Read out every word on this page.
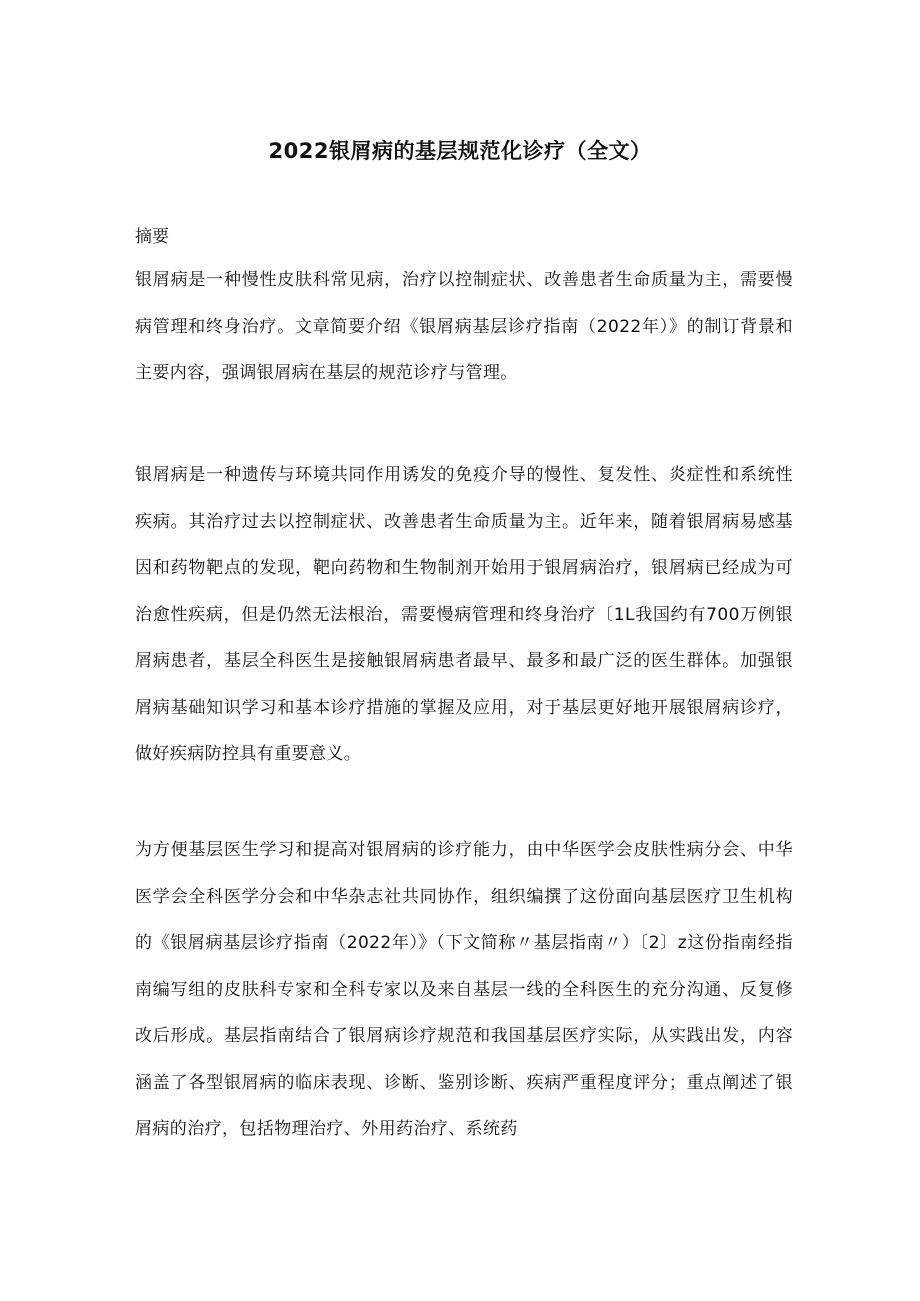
2022银屑病的基层规范化诊疗（全文）
摘要

银屑病是一种慢性皮肤科常见病，治疗以控制症状、改善患者生命质量为主，需要慢病管理和终身治疗。文章简要介绍《银屑病基层诊疗指南（2022年）》的制订背景和主要内容，强调银屑病在基层的规范诊疗与管理。

银屑病是一种遗传与环境共同作用诱发的免疫介导的慢性、复发性、炎症性和系统性疾病。其治疗过去以控制症状、改善患者生命质量为主。近年来，随着银屑病易感基因和药物靶点的发现，靶向药物和生物制剂开始用于银屑病治疗，银屑病已经成为可治愈性疾病，但是仍然无法根治，需要慢病管理和终身治疗〔1L我国约有700万例银屑病患者，基层全科医生是接触银屑病患者最早、最多和最广泛的医生群体。加强银屑病基础知识学习和基本诊疗措施的掌握及应用，对于基层更好地开展银屑病诊疗，做好疾病防控具有重要意义。

为方便基层医生学习和提高对银屑病的诊疗能力，由中华医学会皮肤性病分会、中华医学会全科医学分会和中华杂志社共同协作，组织编撰了这份面向基层医疗卫生机构的《银屑病基层诊疗指南（2022年）》（下文简称〃基层指南〃）〔2〕z这份指南经指南编写组的皮肤科专家和全科专家以及来自基层一线的全科医生的充分沟通、反复修改后形成。基层指南结合了银屑病诊疗规范和我国基层医疗实际，从实践出发，内容涵盖了各型银屑病的临床表现、诊断、鉴别诊断、疾病严重程度评分；重点阐述了银屑病的治疗，包括物理治疗、外用药治疗、系统药
